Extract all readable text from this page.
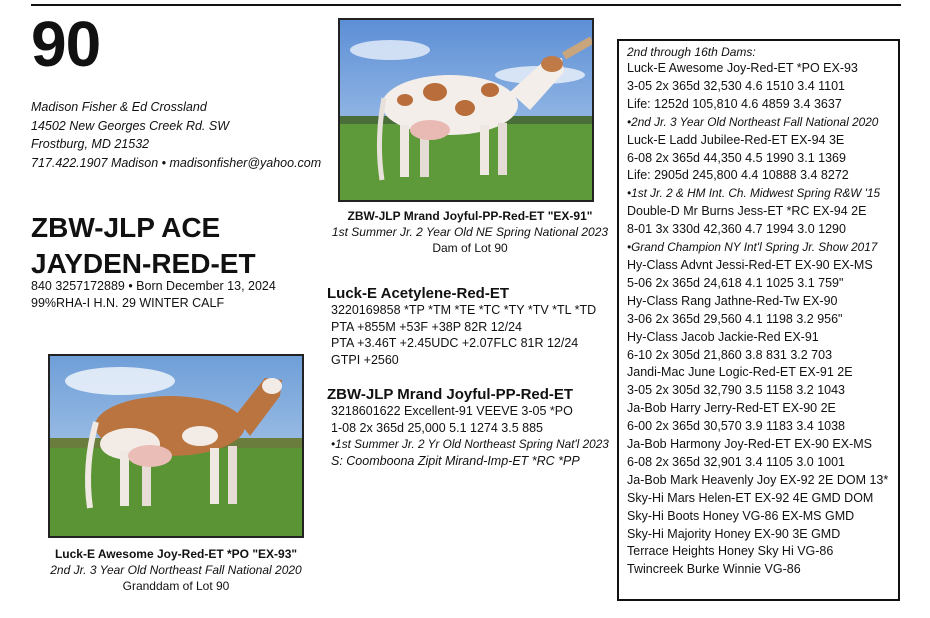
90
Madison Fisher & Ed Crossland
14502 New Georges Creek Rd. SW
Frostburg, MD 21532
717.422.1907 Madison • madisonfisher@yahoo.com
ZBW-JLP ACE
JAYDEN-RED-ET
840 3257172889 • Born December 13, 2024
99%RHA-I H.N. 29 WINTER CALF
ZBW-JLP Mrand Joyful-PP-Red-ET "EX-91"
1st Summer Jr. 2 Year Old NE Spring National 2023
Dam of Lot 90
Luck-E Awesome Joy-Red-ET *PO "EX-93"
2nd Jr. 3 Year Old Northeast Fall National 2020
Granddam of Lot 90
Luck-E Acetylene-Red-ET
3220169858 *TP *TM *TE *TC *TY *TV *TL *TD
PTA +855M +53F +38P 82R 12/24
PTA +3.46T +2.45UDC +2.07FLC 81R 12/24
GTPI +2560
ZBW-JLP Mrand Joyful-PP-Red-ET
3218601622 Excellent-91 VEEVE 3-05 *PO
1-08 2x 365d 25,000 5.1 1274 3.5 885
•1st Summer Jr. 2 Yr Old Northeast Spring Nat'l 2023
S: Coomboona Zipit Mirand-Imp-ET *RC *PP
2nd through 16th Dams:
Luck-E Awesome Joy-Red-ET *PO EX-93
3-05 2x 365d 32,530 4.6 1510 3.4 1101
Life: 1252d 105,810 4.6 4859 3.4 3637
•2nd Jr. 3 Year Old Northeast Fall National 2020
Luck-E Ladd Jubilee-Red-ET EX-94 3E
6-08 2x 365d 44,350 4.5 1990 3.1 1369
Life: 2905d 245,800 4.4 10888 3.4 8272
•1st Jr. 2 & HM Int. Ch. Midwest Spring R&W '15
Double-D Mr Burns Jess-ET *RC EX-94 2E
8-01 3x 330d 42,360 4.7 1994 3.0 1290
•Grand Champion NY Int'l Spring Jr. Show 2017
Hy-Class Advnt Jessi-Red-ET EX-90 EX-MS
5-06 2x 365d 24,618 4.1 1025 3.1 759"
Hy-Class Rang Jathne-Red-Tw EX-90
3-06 2x 365d 29,560 4.1 1198 3.2 956"
Hy-Class Jacob Jackie-Red EX-91
6-10 2x 305d 21,860 3.8 831 3.2 703
Jandi-Mac June Logic-Red-ET EX-91 2E
3-05 2x 305d 32,790 3.5 1158 3.2 1043
Ja-Bob Harry Jerry-Red-ET EX-90 2E
6-00 2x 365d 30,570 3.9 1183 3.4 1038
Ja-Bob Harmony Joy-Red-ET EX-90 EX-MS
6-08 2x 365d 32,901 3.4 1105 3.0 1001
Ja-Bob Mark Heavenly Joy EX-92 2E DOM 13*
Sky-Hi Mars Helen-ET EX-92 4E GMD DOM
Sky-Hi Boots Honey VG-86 EX-MS GMD
Sky-Hi Majority Honey EX-90 3E GMD
Terrace Heights Honey Sky Hi VG-86
Twincreek Burke Winnie VG-86
